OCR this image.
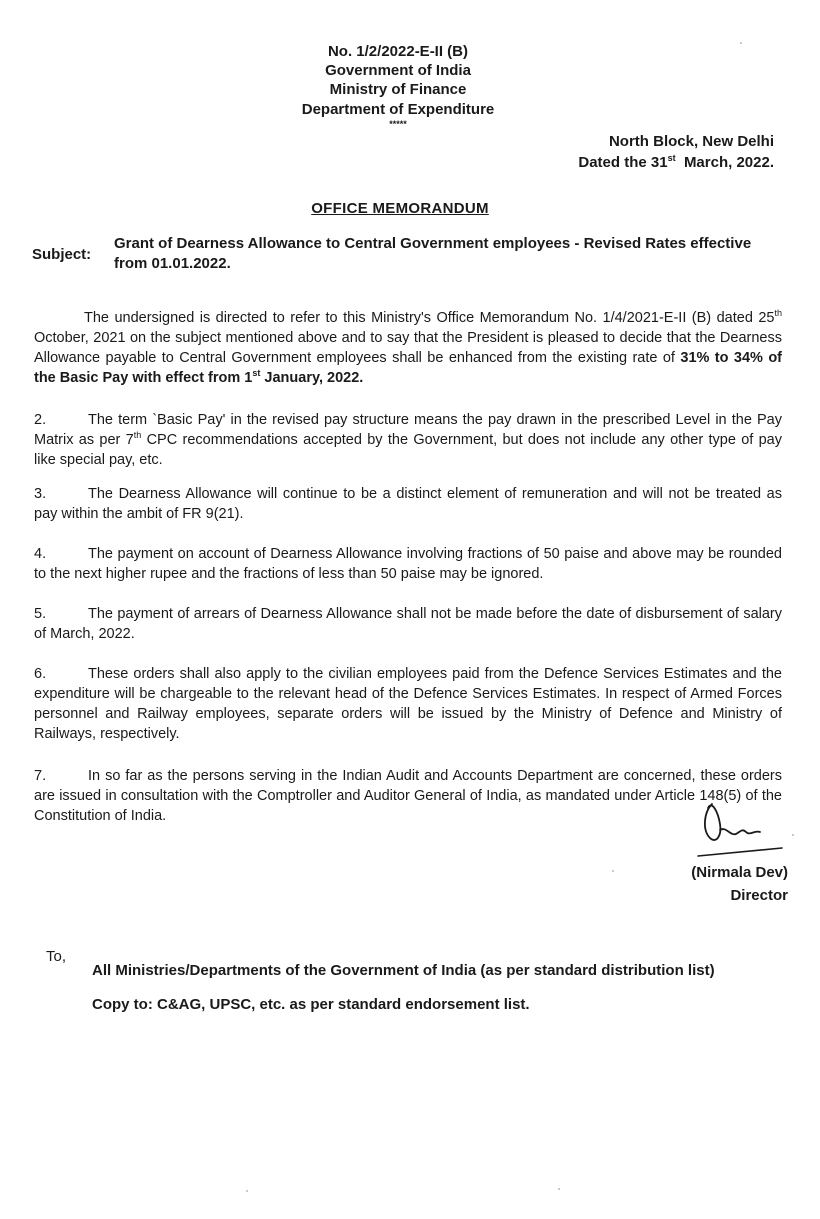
No. 1/2/2022-E-II (B)
Government of India
Ministry of Finance
Department of Expenditure
*****
North Block, New Delhi
Dated the 31st March, 2022.
OFFICE MEMORANDUM
Subject:
Grant of Dearness Allowance to Central Government employees - Revised Rates effective from 01.01.2022.
The undersigned is directed to refer to this Ministry's Office Memorandum No. 1/4/2021-E-II (B) dated 25th October, 2021 on the subject mentioned above and to say that the President is pleased to decide that the Dearness Allowance payable to Central Government employees shall be enhanced from the existing rate of 31% to 34% of the Basic Pay with effect from 1st January, 2022.
2.	The term `Basic Pay' in the revised pay structure means the pay drawn in the prescribed Level in the Pay Matrix as per 7th CPC recommendations accepted by the Government, but does not include any other type of pay like special pay, etc.
3.	The Dearness Allowance will continue to be a distinct element of remuneration and will not be treated as pay within the ambit of FR 9(21).
4.	The payment on account of Dearness Allowance involving fractions of 50 paise and above may be rounded to the next higher rupee and the fractions of less than 50 paise may be ignored.
5.	The payment of arrears of Dearness Allowance shall not be made before the date of disbursement of salary of March, 2022.
6.	These orders shall also apply to the civilian employees paid from the Defence Services Estimates and the expenditure will be chargeable to the relevant head of the Defence Services Estimates. In respect of Armed Forces personnel and Railway employees, separate orders will be issued by the Ministry of Defence and Ministry of Railways, respectively.
7.	In so far as the persons serving in the Indian Audit and Accounts Department are concerned, these orders are issued in consultation with the Comptroller and Auditor General of India, as mandated under Article 148(5) of the Constitution of India.
(Nirmala Dev)
Director
To,
All Ministries/Departments of the Government of India (as per standard distribution list)
Copy to: C&AG, UPSC, etc. as per standard endorsement list.
